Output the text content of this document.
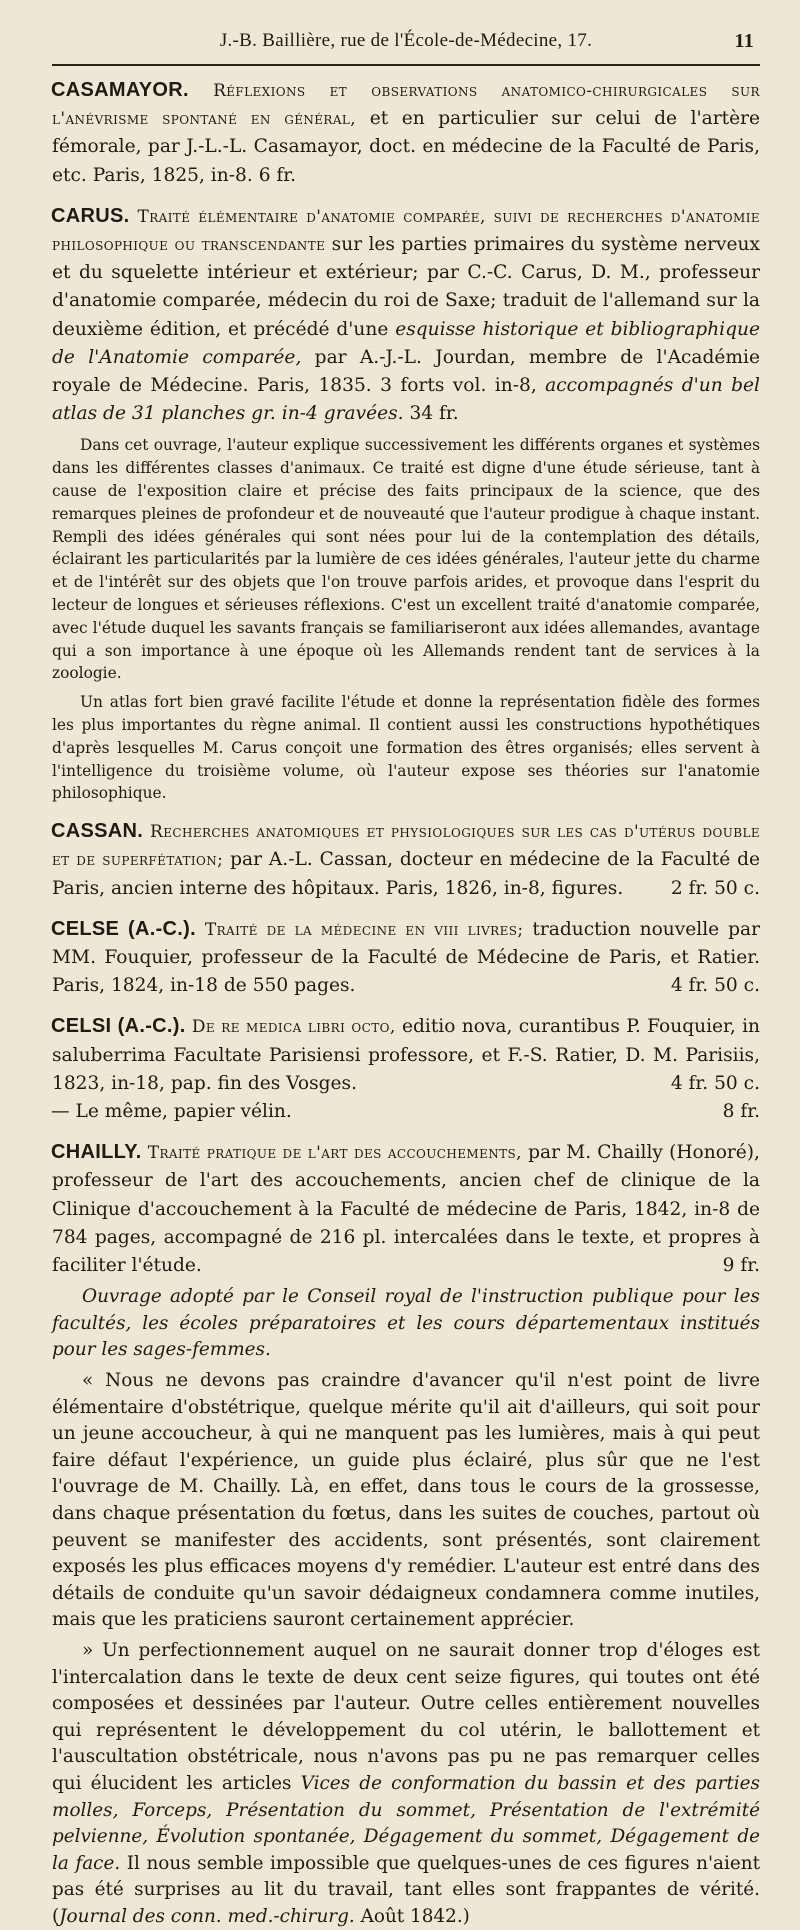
J.-B. Baillière, rue de l'École-de-Médecine, 17.	11

CASAMAYOR. Réflexions et observations anatomico-chirurgicales sur l'anévrisme spontané en général, et en particulier sur celui de l'artère fémorale, par J.-L.-L. Casamayor, doct. en médecine de la Faculté de Paris, etc. Paris, 1825, in-8. 6 fr.

CARUS. Traité élémentaire d'anatomie comparée, suivi de recherches d'anatomie philosophique ou transcendante sur les parties primaires du système nerveux et du squelette intérieur et extérieur; par C.-C. Carus, D. M., professeur d'anatomie comparée, médecin du roi de Saxe; traduit de l'allemand sur la deuxième édition, et précédé d'une esquisse historique et bibliographique de l'Anatomie comparée, par A.-J.-L. Jourdan, membre de l'Académie royale de Médecine. Paris, 1835. 3 forts vol. in-8, accompagnés d'un bel atlas de 31 planches gr. in-4 gravées. 34 fr.

Dans cet ouvrage, l'auteur explique successivement les différents organes et systèmes dans les différentes classes d'animaux. Ce traité est digne d'une étude sérieuse, tant à cause de l'exposition claire et précise des faits principaux de la science, que des remarques pleines de profondeur et de nouveauté que l'auteur prodigue à chaque instant. Rempli des idées générales qui sont nées pour lui de la contemplation des détails, éclairant les particularités par la lumière de ces idées générales, l'auteur jette du charme et de l'intérêt sur des objets que l'on trouve parfois arides, et provoque dans l'esprit du lecteur de longues et sérieuses réflexions. C'est un excellent traité d'anatomie comparée, avec l'étude duquel les savants français se familiariseront aux idées allemandes, avantage qui a son importance à une époque où les Allemands rendent tant de services à la zoologie.

Un atlas fort bien gravé facilite l'étude et donne la représentation fidèle des formes les plus importantes du règne animal. Il contient aussi les constructions hypothétiques d'après lesquelles M. Carus conçoit une formation des êtres organisés; elles servent à l'intelligence du troisième volume, où l'auteur expose ses théories sur l'anatomie philosophique.

CASSAN. Recherches anatomiques et physiologiques sur les cas d'utérus double et de superfétation; par A.-L. Cassan, docteur en médecine de la Faculté de Paris, ancien interne des hôpitaux. Paris, 1826, in-8, figures.	2 fr. 50 c.

CELSE (A.-C.). Traité de la médecine en viii livres; traduction nouvelle par MM. Fouquier, professeur de la Faculté de Médecine de Paris, et Ratier. Paris, 1824, in-18 de 550 pages.	4 fr. 50 c.

CELSI (A.-C.). De re medica libri octo, editio nova, curantibus P. Fouquier, in saluberrima Facultate Parisiensi professore, et F.-S. Ratier, D. M. Parisiis, 1823, in-18, pap. fin des Vosges.	4 fr. 50 c.

— Le même, papier vélin.	8 fr.

CHAILLY. Traité pratique de l'art des accouchements, par M. Chailly (Honoré), professeur de l'art des accouchements, ancien chef de clinique de la Clinique d'accouchement à la Faculté de médecine de Paris, 1842, in-8 de 784 pages, accompagné de 216 pl. intercalées dans le texte, et propres à faciliter l'étude.	9 fr.

Ouvrage adopté par le Conseil royal de l'instruction publique pour les facultés, les écoles préparatoires et les cours départementaux institués pour les sages-femmes.

« Nous ne devons pas craindre d'avancer qu'il n'est point de livre élémentaire d'obstétrique, quelque mérite qu'il ait d'ailleurs, qui soit pour un jeune accoucheur, à qui ne manquent pas les lumières, mais à qui peut faire défaut l'expérience, un guide plus éclairé, plus sûr que ne l'est l'ouvrage de M. Chailly. Là, en effet, dans tous le cours de la grossesse, dans chaque présentation du fœtus, dans les suites de couches, partout où peuvent se manifester des accidents, sont présentés, sont clairement exposés les plus efficaces moyens d'y remédier. L'auteur est entré dans des détails de conduite qu'un savoir dédaigneux condamnera comme inutiles, mais que les praticiens sauront certainement apprécier.

» Un perfectionnement auquel on ne saurait donner trop d'éloges est l'intercalation dans le texte de deux cent seize figures, qui toutes ont été composées et dessinées par l'auteur. Outre celles entièrement nouvelles qui représentent le développement du col utérin, le ballottement et l'auscultation obstétricale, nous n'avons pas pu ne pas remarquer celles qui élucident les articles Vices de conformation du bassin et des parties molles, Forceps, Présentation du sommet, Présentation de l'extrémité pelvienne, Évolution spontanée, Dégagement du sommet, Dégagement de la face. Il nous semble impossible que quelques-unes de ces figures n'aient pas été surprises au lit du travail, tant elles sont frappantes de vérité. (Journal des conn. med.-chirurg. Août 1842.)
